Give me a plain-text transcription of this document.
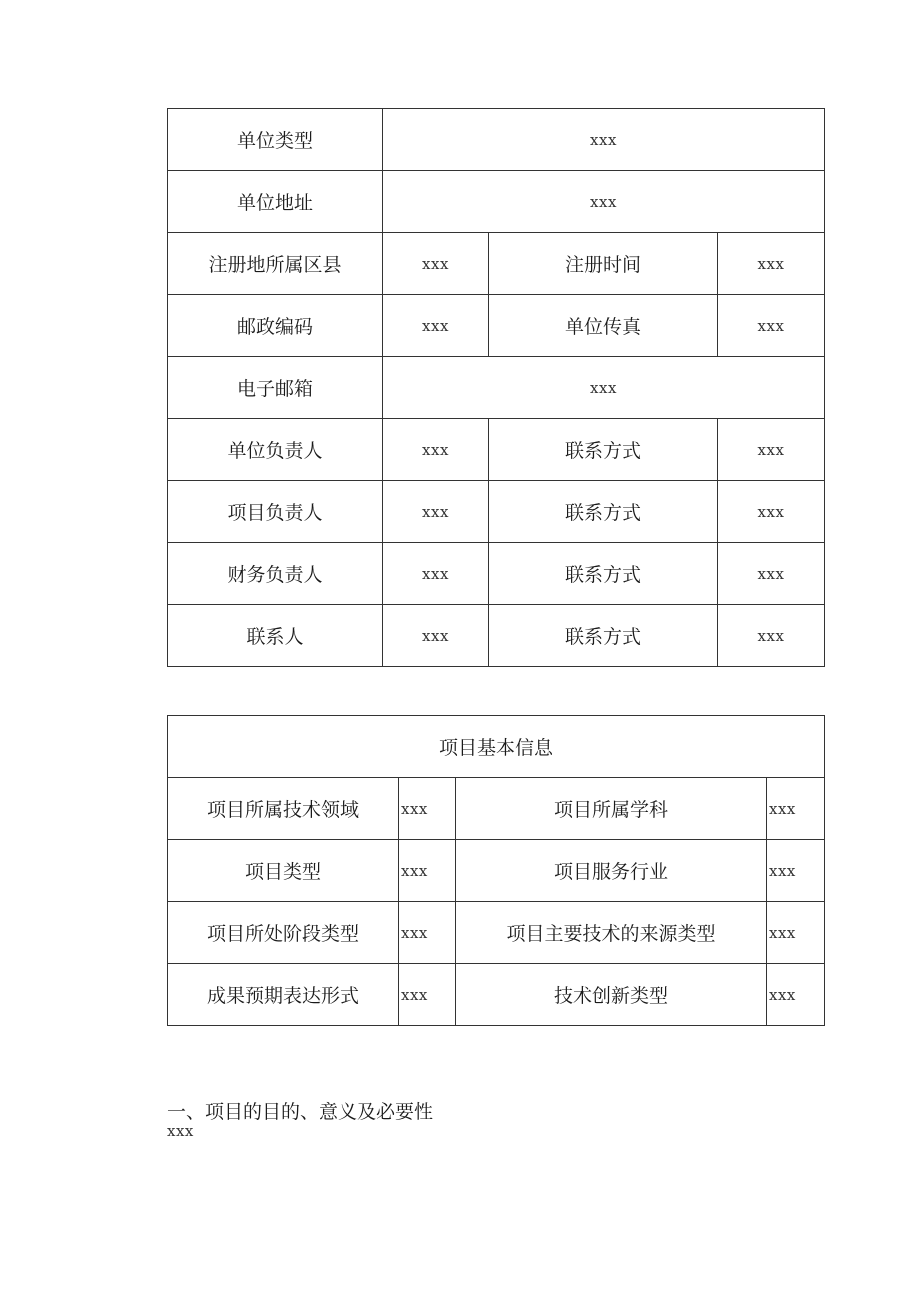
单位类型	xxx		
单位地址	xxx		
注册地所属区县	xxx	注册时间	xxx
邮政编码	xxx	单位传真	xxx
电子邮箱	xxx		
单位负责人	xxx	联系方式	xxx
项目负责人	xxx	联系方式	xxx
财务负责人	xxx	联系方式	xxx
联系人	xxx	联系方式	xxx
项目基本信息			
项目所属技术领域	xxx	项目所属学科	xxx
项目类型	xxx	项目服务行业	xxx
项目所处阶段类型	xxx	项目主要技术的来源类型	xxx
成果预期表达形式	xxx	技术创新类型	xxx
一、项目的目的、意义及必要性

xxx
